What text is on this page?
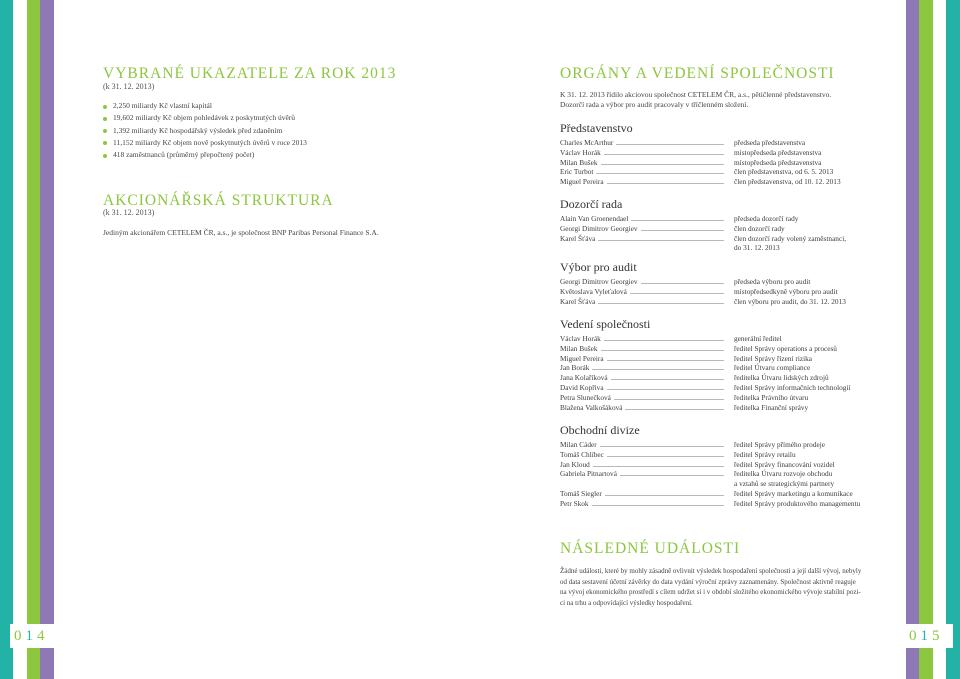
014	015
VYBRANÉ UKAZATELE ZA ROK 2013
(k 31. 12. 2013)
2,250 miliardy Kč vlastní kapitál
19,602 miliardy Kč objem pohledávek z poskytnutých úvěrů
1,392 miliardy Kč hospodářský výsledek před zdaněním
11,152 miliardy Kč objem nově poskytnutých úvěrů v roce 2013
418 zaměstnanců (průměrný přepočtený počet)
AKCIONÁŘSKÁ STRUKTURA
(k 31. 12. 2013)
Jediným akcionářem CETELEM ČR, a.s., je společnost BNP Paribas Personal Finance S.A.
ORGÁNY A VEDENÍ SPOLEČNOSTI
K 31. 12. 2013 řídilo akciovou společnost CETELEM ČR, a.s., pětičlenné představenstvo.
Dozorčí rada a výbor pro audit pracovaly v tříčlenném složení.
Představenstvo
Charles McArthur	předseda představenstva
Václav Horák	místopředseda představenstva
Milan Bušek	místopředseda představenstva
Eric Turbot	člen představenstva, od 6. 5. 2013
Miguel Pereira	člen představenstva, od 10. 12. 2013
Dozorčí rada
Alain Van Groenendael	předseda dozorčí rady
Georgi Dimitrov Georgiev	člen dozorčí rady
Karel Šťáva	člen dozorčí rady volený zaměstnanci,
do 31. 12. 2013
Výbor pro audit
Georgi Dimitrov Georgiev	předseda výboru pro audit
Květoslava Vyleťalová	místopředsedkyně výboru pro audit
Karel Šťáva	člen výboru pro audit, do 31. 12. 2013
Vedení společnosti
Václav Horák	generální ředitel
Milan Bušek	ředitel Správy operations a procesů
Miguel Pereira	ředitel Správy řízení rizika
Jan Borák	ředitel Útvaru compliance
Jana Kolaříková	ředitelka Útvaru lidských zdrojů
David Kopřiva	ředitel Správy informačních technologií
Petra Slunečková	ředitelka Právního útvaru
Blažena Valkošáková	ředitelka Finanční správy
Obchodní divize
Milan Cáder	ředitel Správy přímého prodeje
Tomáš Chlíbec	ředitel Správy retailu
Jan Kloud	ředitel Správy financování vozidel
Gabriela Pitnartová	ředitelka Útvaru rozvoje obchodu
a vztahů se strategickými partnery
Tomáš Siegler	ředitel Správy marketingu a komunikace
Petr Skok	ředitel Správy produktového managementu
NÁSLEDNÉ UDÁLOSTI
Žádné události, které by mohly zásadně ovlivnit výsledek hospodaření společnosti a její další vývoj, nebyly
od data sestavení účetní závěrky do data vydání výroční zprávy zaznamenány. Společnost aktivně reaguje
na vývoj ekonomického prostředí s cílem udržet si i v období složitého ekonomického vývoje stabilní pozi-
ci na trhu a odpovídající výsledky hospodaření.
